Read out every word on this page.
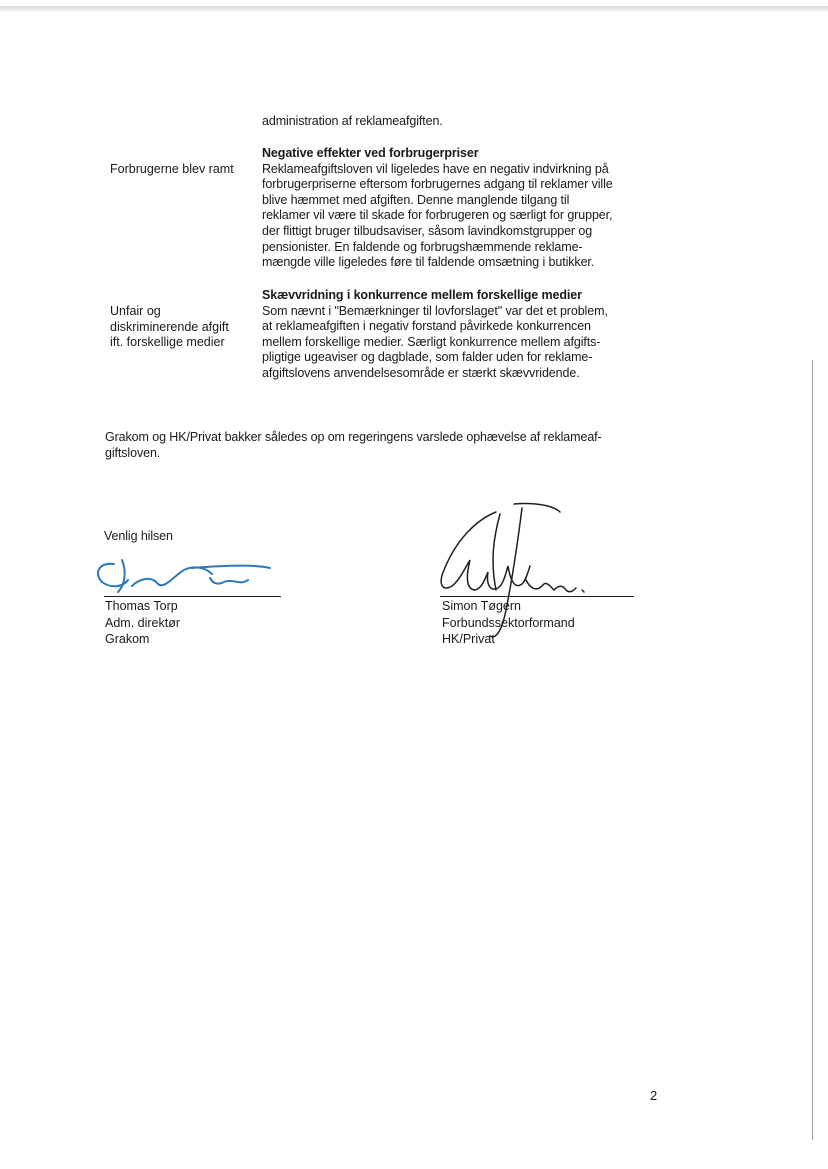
administration af reklameafgiften.
Forbrugerne blev ramt
Negative effekter ved forbrugerpriser
Reklameafgiftsloven vil ligeledes have en negativ indvirkning på
forbrugerpriserne eftersom forbrugernes adgang til reklamer ville
blive hæmmet med afgiften. Denne manglende tilgang til
reklamer vil være til skade for forbrugeren og særligt for grupper,
der flittigt bruger tilbudsaviser, såsom lavindkomstgrupper og
pensionister. En faldende og forbrugshæmmende reklame-
mængde ville ligeledes føre til faldende omsætning i butikker.
Unfair og
diskriminerende afgift
ift. forskellige medier
Skævvridning i konkurrence mellem forskellige medier
Som nævnt i "Bemærkninger til lovforslaget" var det et problem,
at reklameafgiften i negativ forstand påvirkede konkurrencen
mellem forskellige medier. Særligt konkurrence mellem afgifts-
pligtige ugeaviser og dagblade, som falder uden for reklame-
afgiftslovens anvendelsesområde er stærkt skævvridende.
Grakom og HK/Privat bakker således op om regeringens varslede ophævelse af reklameaf-
giftsloven.
Venlig hilsen
Thomas Torp
Adm. direktør
Grakom
Simon Tøgern
Forbundssektorformand
HK/Privat
2
